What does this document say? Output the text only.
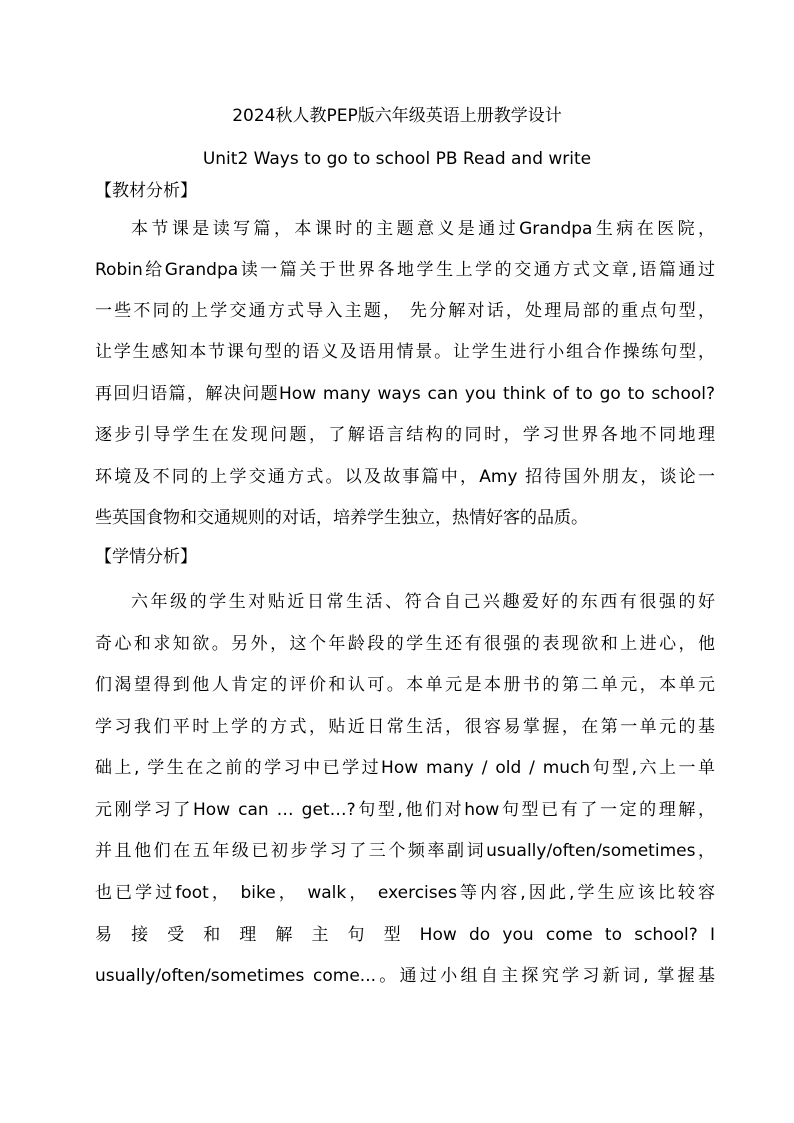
2024秋人教PEP版六年级英语上册教学设计
Unit2 Ways to go to school PB Read and write
【教材分析】
本节课是读写篇，本课时的主题意义是通过Grandpa生病在医院，
Robin给Grandpa读一篇关于世界各地学生上学的交通方式文章,语篇通过
一些不同的上学交通方式导入主题， 先分解对话，处理局部的重点句型，
让学生感知本节课句型的语义及语用情景。让学生进行小组合作操练句型，
再回归语篇，解决问题How many ways can you think of to go to school?
逐步引导学生在发现问题，了解语言结构的同时，学习世界各地不同地理
环境及不同的上学交通方式。以及故事篇中，Amy 招待国外朋友，谈论一
些英国食物和交通规则的对话，培养学生独立，热情好客的品质。
【学情分析】
六年级的学生对贴近日常生活、符合自己兴趣爱好的东西有很强的好
奇心和求知欲。另外，这个年龄段的学生还有很强的表现欲和上进心，他
们渴望得到他人肯定的评价和认可。本单元是本册书的第二单元，本单元
学习我们平时上学的方式，贴近日常生活，很容易掌握，在第一单元的基
础上, 学生在之前的学习中已学过How many / old / much句型,六上一单
元刚学习了How can … get…?句型,他们对how句型已有了一定的理解，
并且他们在五年级已初步学习了三个频率副词usually/often/sometimes，
也已学过foot， bike， walk， exercises等内容,因此,学生应该比较容
易 接 受 和 理 解 主 句 型 How do you come to school? I
usually/often/sometimes come...。通过小组自主探究学习新词, 掌握基
